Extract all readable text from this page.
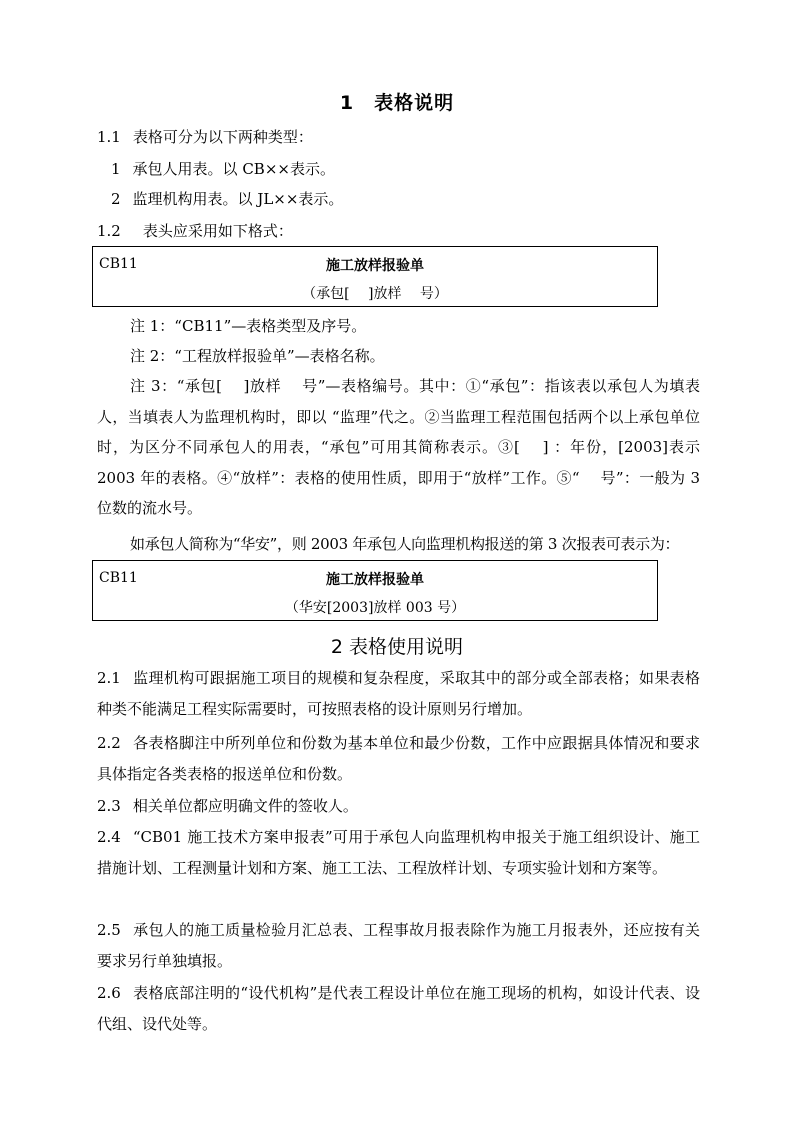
1　表格说明
1.1 表格可分为以下两种类型：
1 承包人用表。以 CB××表示。
2 监理机构用表。以 JL××表示。
1.2 表头应采用如下格式：
CB11	施工放样报验单
（承包[　 ]放样　 号）
注 1：“CB11”—表格类型及序号。
注 2：“工程放样报验单”—表格名称。
注 3：“承包[　 ]放样　 号”—表格编号。其中：①“承包”：指该表以承包人为填表人，当填表人为监理机构时，即以 “监理”代之。②当监理工程范围包括两个以上承包单位时，为区分不同承包人的用表，“承包”可用其简称表示。③[　 ] ：年份，[2003]表示 2003 年的表格。④“放样”：表格的使用性质，即用于“放样”工作。⑤“　 号”：一般为 3 位数的流水号。
如承包人简称为“华安”，则 2003 年承包人向监理机构报送的第 3 次报表可表示为：
CB11	施工放样报验单
（华安[2003]放样 003 号）
2 表格使用说明
2.1 监理机构可跟据施工项目的规模和复杂程度，采取其中的部分或全部表格；如果表格种类不能满足工程实际需要时，可按照表格的设计原则另行增加。
2.2 各表格脚注中所列单位和份数为基本单位和最少份数，工作中应跟据具体情况和要求具体指定各类表格的报送单位和份数。
2.3 相关单位都应明确文件的签收人。
2.4 “CB01 施工技术方案申报表”可用于承包人向监理机构申报关于施工组织设计、施工措施计划、工程测量计划和方案、施工工法、工程放样计划、专项实验计划和方案等。
2.5 承包人的施工质量检验月汇总表、工程事故月报表除作为施工月报表外，还应按有关要求另行单独填报。
2.6 表格底部注明的“设代机构”是代表工程设计单位在施工现场的机构，如设计代表、设代组、设代处等。
